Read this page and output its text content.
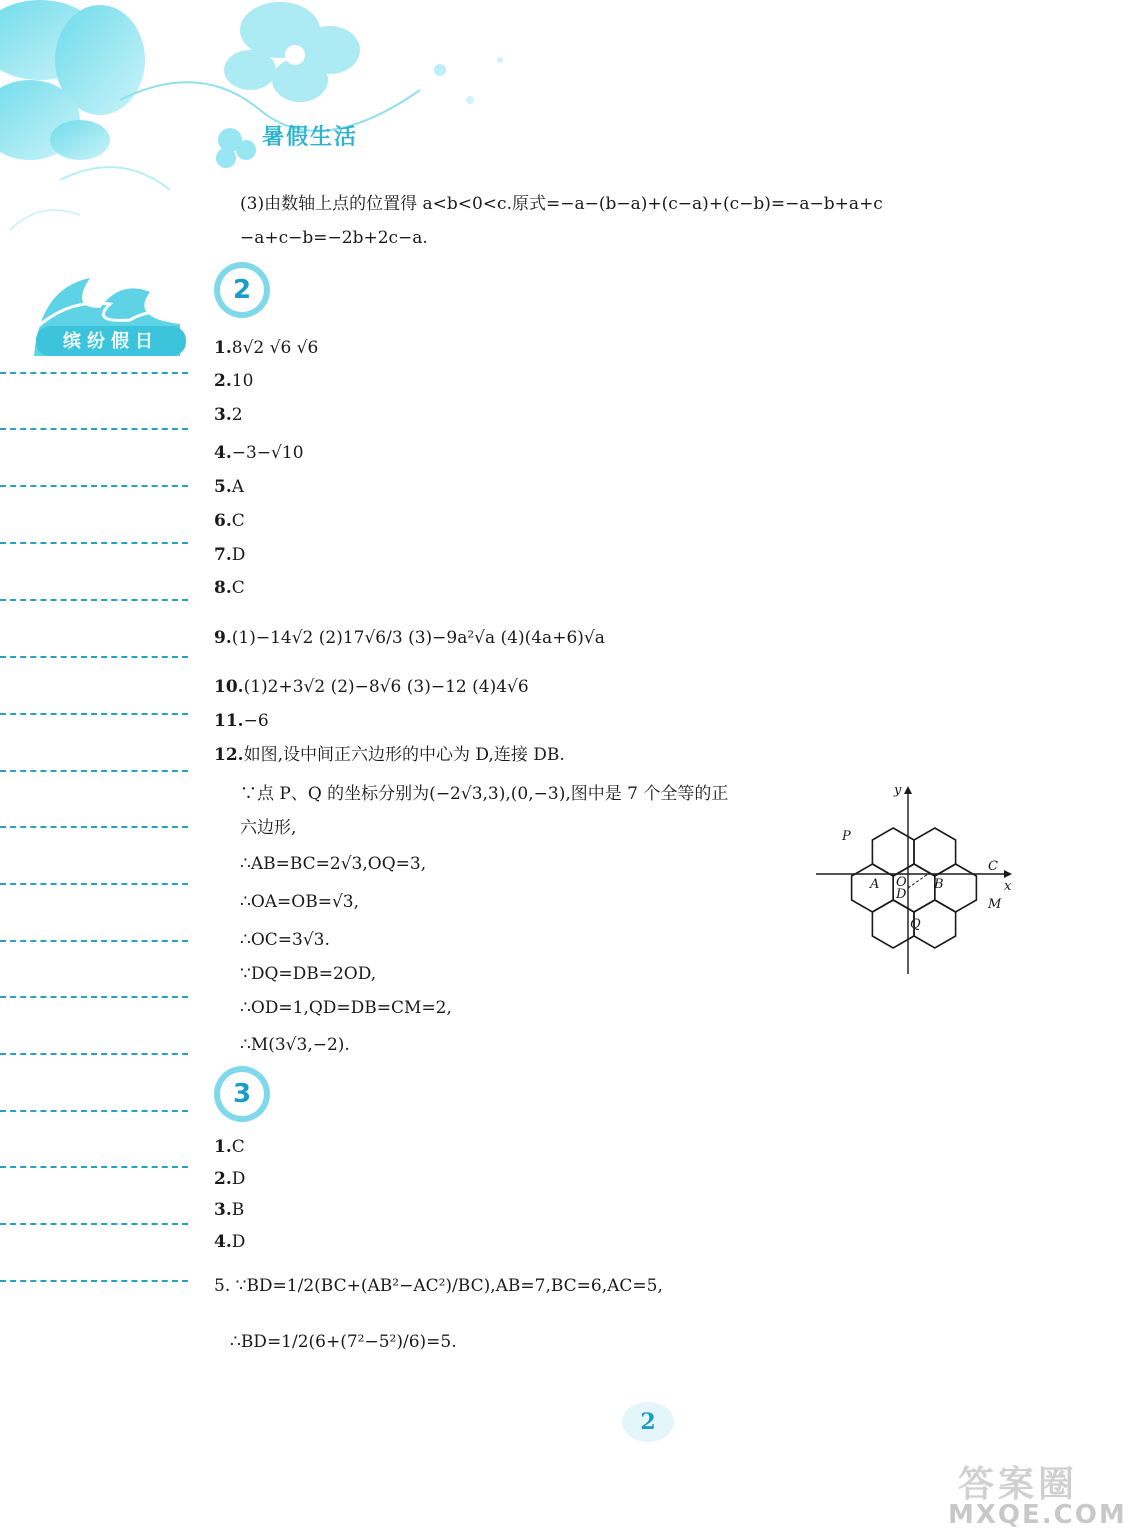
暑假生活
缤纷假日
(3)由数轴上点的位置得 a<b<0<c.原式=−a−(b−a)+(c−a)+(c−b)=−a−b+a+c
−a+c−b=−2b+2c−a.
2
1.8√2 √6 √6
2.10
3.2
4.−3−√10
5.A
6.C
7.D
8.C
9.(1)−14√2 (2)17√6/3 (3)−9a²√a (4)(4a+6)√a
10.(1)2+3√2 (2)−8√6 (3)−12 (4)4√6
11.−6
12.如图,设中间正六边形的中心为 D,连接 DB.
∵点 P、Q 的坐标分别为(−2√3,3),(0,−3),图中是 7 个全等的正
六边形,
∴AB=BC=2√3,OQ=3,
∴OA=OB=√3,
∴OC=3√3.
∵DQ=DB=2OD,
∴OD=1,QD=DB=CM=2,
∴M(3√3,−2).
y
x
P
C
A O B
D
M
Q
3
1.C
2.D
3.B
4.D
5. ∵BD=1/2(BC+(AB²−AC²)/BC),AB=7,BC=6,AC=5,
∴BD=1/2(6+(7²−5²)/6)=5.
2
答案圈
MXQE.COM
